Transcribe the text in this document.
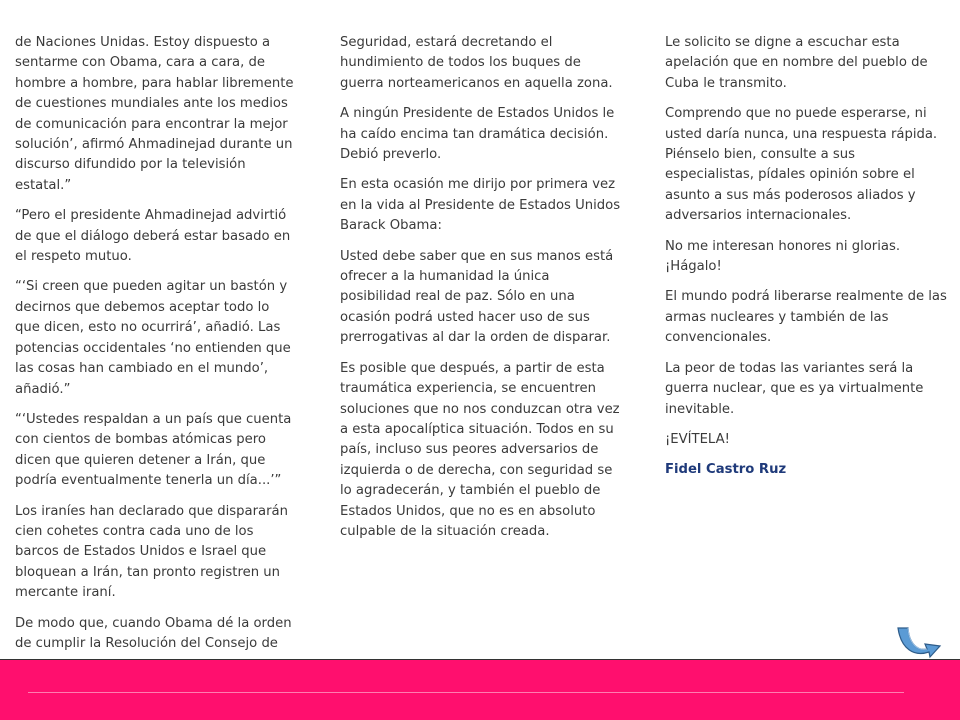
de Naciones Unidas. Estoy dispuesto a sentarme con Obama, cara a cara, de hombre a hombre, para hablar libremente de cuestiones mundiales ante los medios de comunicación para encontrar la mejor solución’, afirmó Ahmadinejad durante un discurso difundido por la televisión estatal.”

“Pero el presidente Ahmadinejad advirtió de que el diálogo deberá estar basado en el respeto mutuo.

“‘Si creen que pueden agitar un bastón y decirnos que debemos aceptar todo lo que dicen, esto no ocurrirá’, añadió. Las potencias occidentales ‘no entienden que las cosas han cambiado en el mundo’, añadió.”

“‘Ustedes respaldan a un país que cuenta con cientos de bombas atómicas pero dicen que quieren detener a Irán, que podría eventualmente tenerla un día...’”

Los iraníes han declarado que dispararán cien cohetes contra cada uno de los barcos de Estados Unidos e Israel que bloquean a Irán, tan pronto registren un mercante iraní.

De modo que, cuando Obama dé la orden de cumplir la Resolución del Consejo de

Seguridad, estará decretando el hundimiento de todos los buques de guerra norteamericanos en aquella zona.

A ningún Presidente de Estados Unidos le ha caído encima tan dramática decisión. Debió preverlo.

En esta ocasión me dirijo por primera vez en la vida al Presidente de Estados Unidos Barack Obama:

Usted debe saber que en sus manos está ofrecer a la humanidad la única posibilidad real de paz. Sólo en una ocasión podrá usted hacer uso de sus prerrogativas al dar la orden de disparar.

Es posible que después, a partir de esta traumática experiencia, se encuentren soluciones que no nos conduzcan otra vez a esta apocalíptica situación. Todos en su país, incluso sus peores adversarios de izquierda o de derecha, con seguridad se lo agradecerán, y también el pueblo de Estados Unidos, que no es en absoluto culpable de la situación creada.

Le solicito se digne a escuchar esta apelación que en nombre del pueblo de Cuba le transmito.

Comprendo que no puede esperarse, ni usted daría nunca, una respuesta rápida. Piénselo bien, consulte a sus especialistas, pídales opinión sobre el asunto a sus más poderosos aliados y adversarios internacionales.

No me interesan honores ni glorias. ¡Hágalo!

El mundo podrá liberarse realmente de las armas nucleares y también de las convencionales.

La peor de todas las variantes será la guerra nuclear, que es ya virtualmente inevitable.

¡EVÍTELA!

Fidel Castro Ruz
